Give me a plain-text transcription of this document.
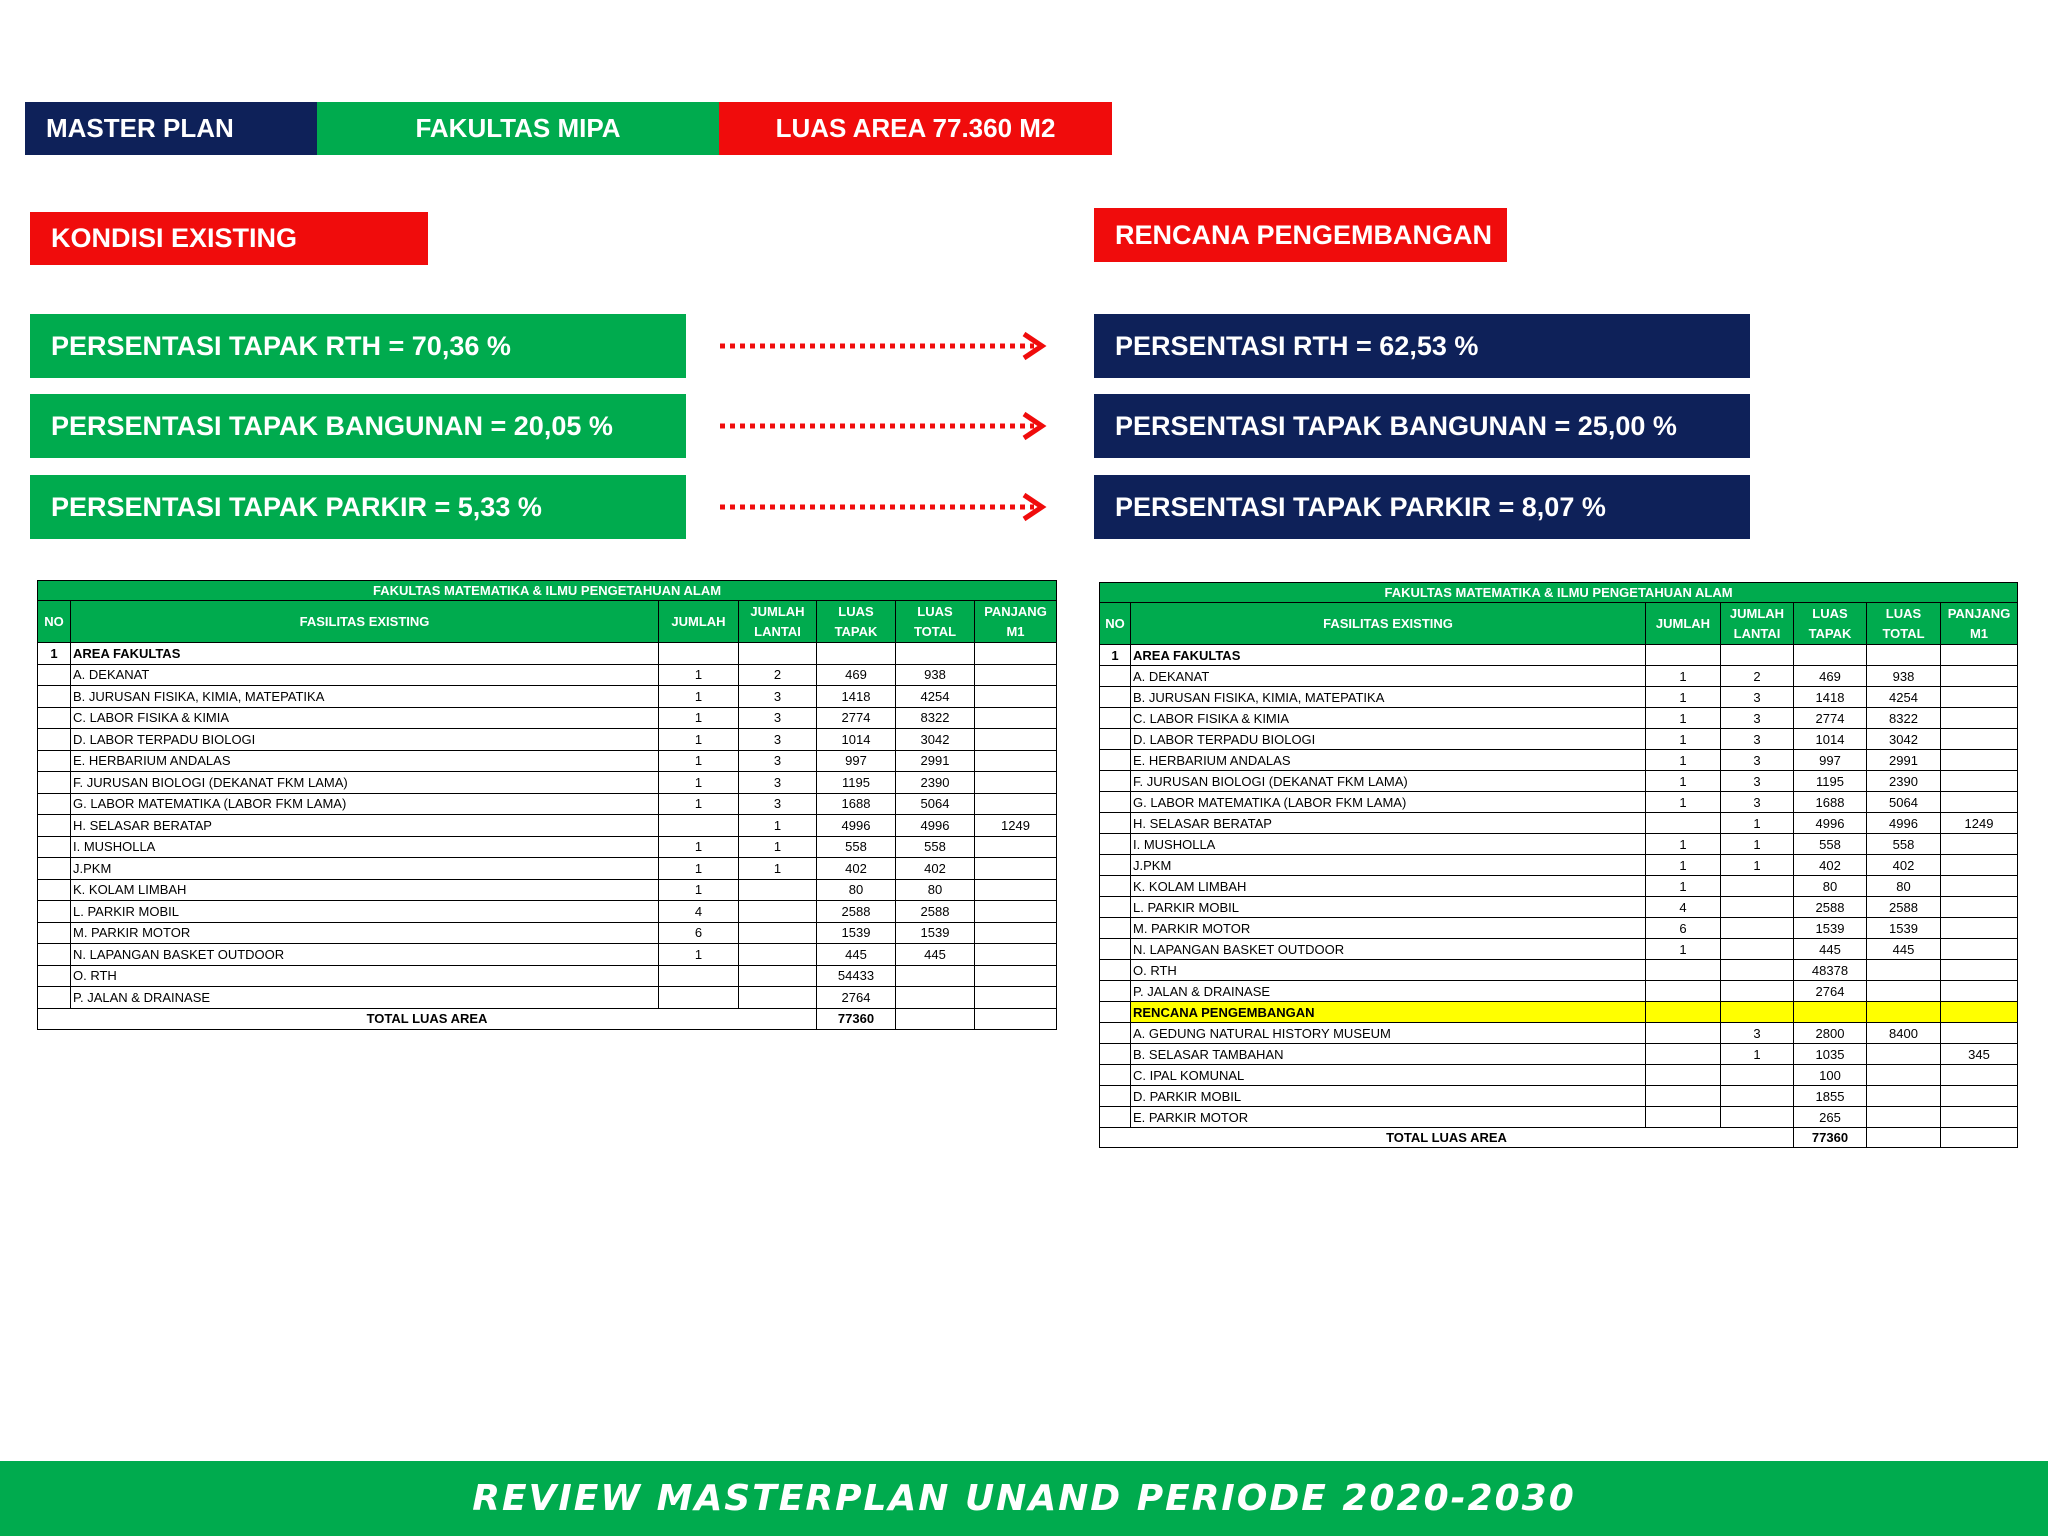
MASTER PLAN	FAKULTAS MIPA	LUAS AREA 77.360 M2
KONDISI EXISTING	RENCANA PENGEMBANGAN
PERSENTASI TAPAK RTH = 70,36 %
PERSENTASI TAPAK BANGUNAN = 20,05 %
PERSENTASI TAPAK PARKIR = 5,33 %
PERSENTASI RTH = 62,53 %
PERSENTASI TAPAK BANGUNAN = 25,00 %
PERSENTASI TAPAK PARKIR = 8,07 %
FAKULTAS MATEMATIKA & ILMU PENGETAHUAN ALAM						
NO	FASILITAS EXISTING	JUMLAH	JUMLAH LANTAI	LUAS TAPAK	LUAS TOTAL	PANJANG M1
1	AREA FAKULTAS					
	A. DEKANAT	1	2	469	938	
	B. JURUSAN FISIKA, KIMIA, MATEPATIKA	1	3	1418	4254	
	C. LABOR FISIKA & KIMIA	1	3	2774	8322	
	D. LABOR TERPADU BIOLOGI	1	3	1014	3042	
	E. HERBARIUM ANDALAS	1	3	997	2991	
	F. JURUSAN BIOLOGI (DEKANAT FKM LAMA)	1	3	1195	2390	
	G. LABOR MATEMATIKA (LABOR FKM LAMA)	1	3	1688	5064	
	H. SELASAR BERATAP		1	4996	4996	1249
	I. MUSHOLLA	1	1	558	558	
	J.PKM	1	1	402	402	
	K. KOLAM LIMBAH	1		80	80	
	L. PARKIR MOBIL	4		2588	2588	
	M. PARKIR MOTOR	6		1539	1539	
	N. LAPANGAN BASKET OUTDOOR	1		445	445	
	O. RTH			54433		
	P. JALAN & DRAINASE			2764		
TOTAL LUAS AREA				77360		
FAKULTAS MATEMATIKA & ILMU PENGETAHUAN ALAM						
NO	FASILITAS EXISTING	JUMLAH	JUMLAH LANTAI	LUAS TAPAK	LUAS TOTAL	PANJANG M1
1	AREA FAKULTAS					
	A. DEKANAT	1	2	469	938	
	B. JURUSAN FISIKA, KIMIA, MATEPATIKA	1	3	1418	4254	
	C. LABOR FISIKA & KIMIA	1	3	2774	8322	
	D. LABOR TERPADU BIOLOGI	1	3	1014	3042	
	E. HERBARIUM ANDALAS	1	3	997	2991	
	F. JURUSAN BIOLOGI (DEKANAT FKM LAMA)	1	3	1195	2390	
	G. LABOR MATEMATIKA (LABOR FKM LAMA)	1	3	1688	5064	
	H. SELASAR BERATAP		1	4996	4996	1249
	I. MUSHOLLA	1	1	558	558	
	J.PKM	1	1	402	402	
	K. KOLAM LIMBAH	1		80	80	
	L. PARKIR MOBIL	4		2588	2588	
	M. PARKIR MOTOR	6		1539	1539	
	N. LAPANGAN BASKET OUTDOOR	1		445	445	
	O. RTH			48378		
	P. JALAN & DRAINASE			2764		
	RENCANA PENGEMBANGAN					
	A. GEDUNG NATURAL HISTORY MUSEUM		3	2800	8400	
	B. SELASAR TAMBAHAN		1	1035		345
	C. IPAL KOMUNAL			100		
	D. PARKIR MOBIL			1855		
	E. PARKIR MOTOR			265		
TOTAL LUAS AREA				77360		
REVIEW MASTERPLAN UNAND PERIODE 2020-2030
